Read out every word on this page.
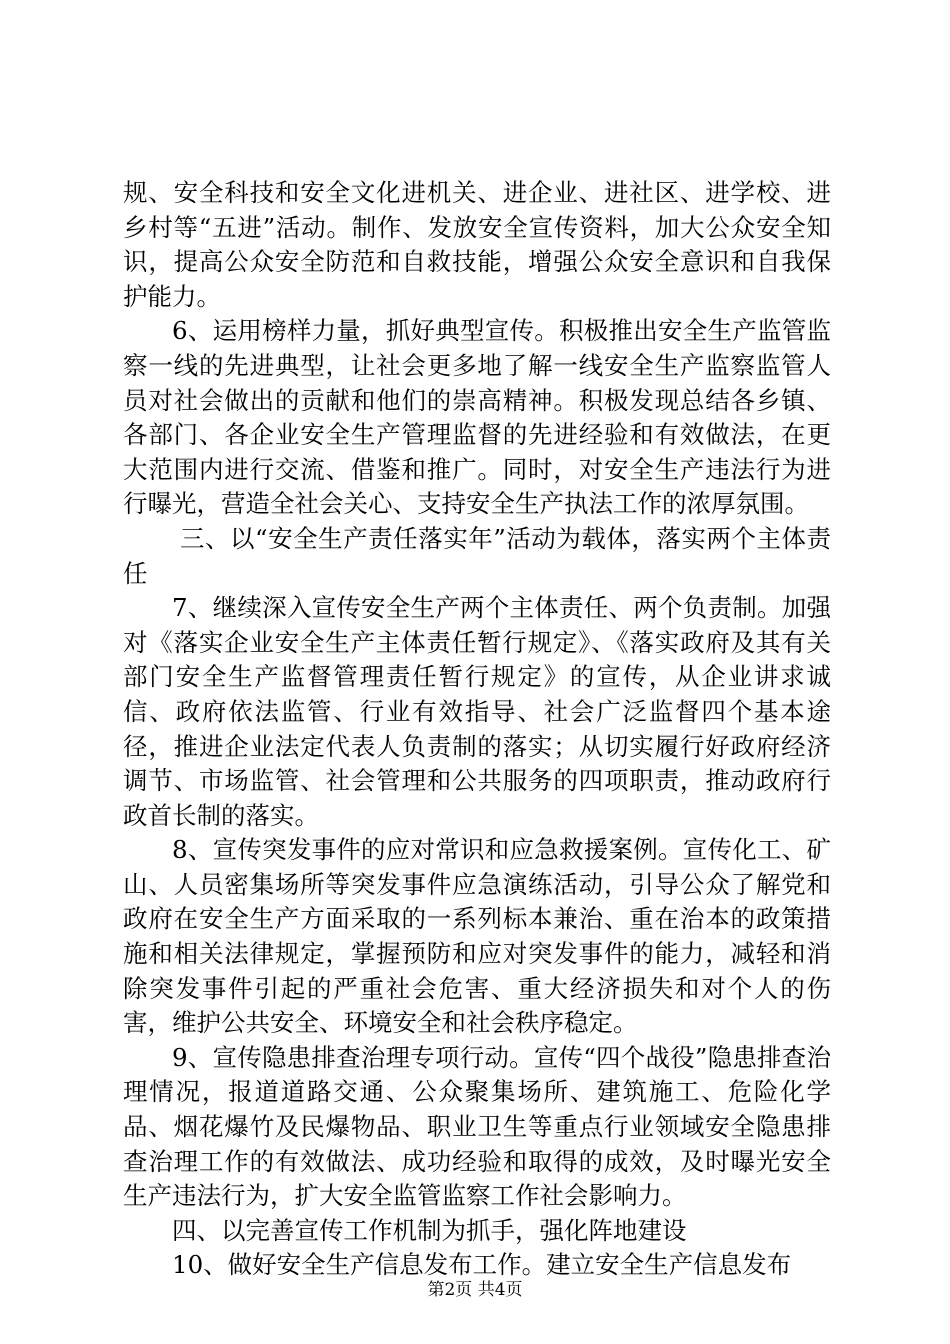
规、安全科技和安全文化进机关、进企业、进社区、进学校、进乡村等“五进”活动。制作、发放安全宣传资料，加大公众安全知识，提高公众安全防范和自救技能，增强公众安全意识和自我保护能力。

6、运用榜样力量，抓好典型宣传。积极推出安全生产监管监察一线的先进典型，让社会更多地了解一线安全生产监察监管人员对社会做出的贡献和他们的崇高精神。积极发现总结各乡镇、各部门、各企业安全生产管理监督的先进经验和有效做法，在更大范围内进行交流、借鉴和推广。同时，对安全生产违法行为进行曝光，营造全社会关心、支持安全生产执法工作的浓厚氛围。

三、以“安全生产责任落实年”活动为载体，落实两个主体责任

7、继续深入宣传安全生产两个主体责任、两个负责制。加强对《落实企业安全生产主体责任暂行规定》、《落实政府及其有关部门安全生产监督管理责任暂行规定》的宣传，从企业讲求诚信、政府依法监管、行业有效指导、社会广泛监督四个基本途径，推进企业法定代表人负责制的落实；从切实履行好政府经济调节、市场监管、社会管理和公共服务的四项职责，推动政府行政首长制的落实。

8、宣传突发事件的应对常识和应急救援案例。宣传化工、矿山、人员密集场所等突发事件应急演练活动，引导公众了解党和政府在安全生产方面采取的一系列标本兼治、重在治本的政策措施和相关法律规定，掌握预防和应对突发事件的能力，减轻和消除突发事件引起的严重社会危害、重大经济损失和对个人的伤害，维护公共安全、环境安全和社会秩序稳定。

9、宣传隐患排查治理专项行动。宣传“四个战役”隐患排查治理情况，报道道路交通、公众聚集场所、建筑施工、危险化学品、烟花爆竹及民爆物品、职业卫生等重点行业领域安全隐患排查治理工作的有效做法、成功经验和取得的成效，及时曝光安全生产违法行为，扩大安全监管监察工作社会影响力。

四、以完善宣传工作机制为抓手，强化阵地建设

10、做好安全生产信息发布工作。建立安全生产信息发布

第2页 共4页
